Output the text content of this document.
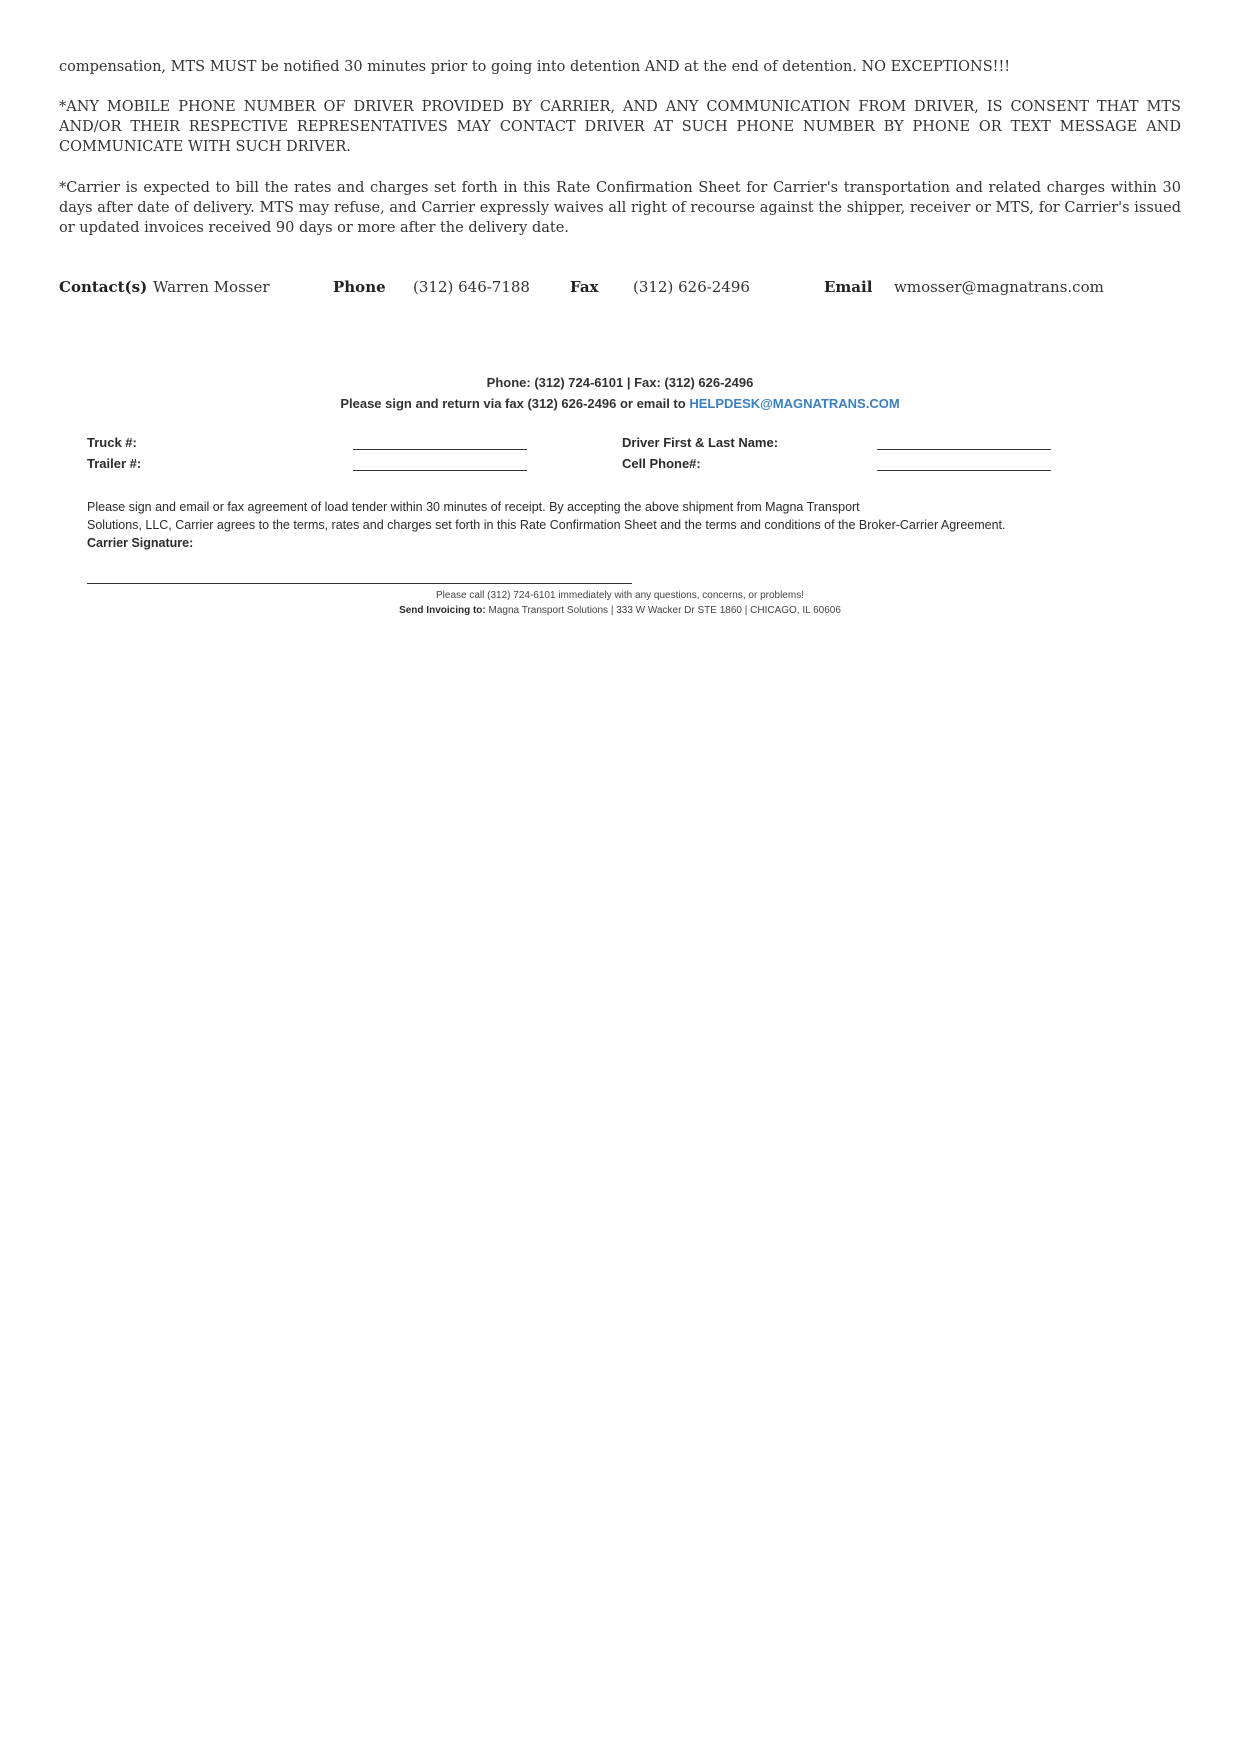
compensation, MTS MUST be notified 30 minutes prior to going into detention AND at the end of detention. NO EXCEPTIONS!!!

*ANY MOBILE PHONE NUMBER OF DRIVER PROVIDED BY CARRIER, AND ANY COMMUNICATION FROM DRIVER, IS CONSENT THAT MTS AND/OR THEIR RESPECTIVE REPRESENTATIVES MAY CONTACT DRIVER AT SUCH PHONE NUMBER BY PHONE OR TEXT MESSAGE AND COMMUNICATE WITH SUCH DRIVER.

*Carrier is expected to bill the rates and charges set forth in this Rate Confirmation Sheet for Carrier's transportation and related charges within 30 days after date of delivery. MTS may refuse, and Carrier expressly waives all right of recourse against the shipper, receiver or MTS, for Carrier's issued or updated invoices received 90 days or more after the delivery date.

Contact(s) Warren Mosser	Phone (312) 646-7188	Fax (312) 626-2496	Email wmosser@magnatrans.com
Phone: (312) 724-6101 | Fax: (312) 626-2496
Please sign and return via fax (312) 626-2496 or email to HELPDESK@MAGNATRANS.COM
Truck #:
Trailer #:
Driver First & Last Name:
Cell Phone#:
Please sign and email or fax agreement of load tender within 30 minutes of receipt. By accepting the above shipment from Magna Transport
Solutions, LLC, Carrier agrees to the terms, rates and charges set forth in this Rate Confirmation Sheet and the terms and conditions of the Broker-Carrier Agreement.
Carrier Signature:
Please call (312) 724-6101 immediately with any questions, concerns, or problems!
Send Invoicing to: Magna Transport Solutions | 333 W Wacker Dr STE 1860 | CHICAGO, IL 60606
